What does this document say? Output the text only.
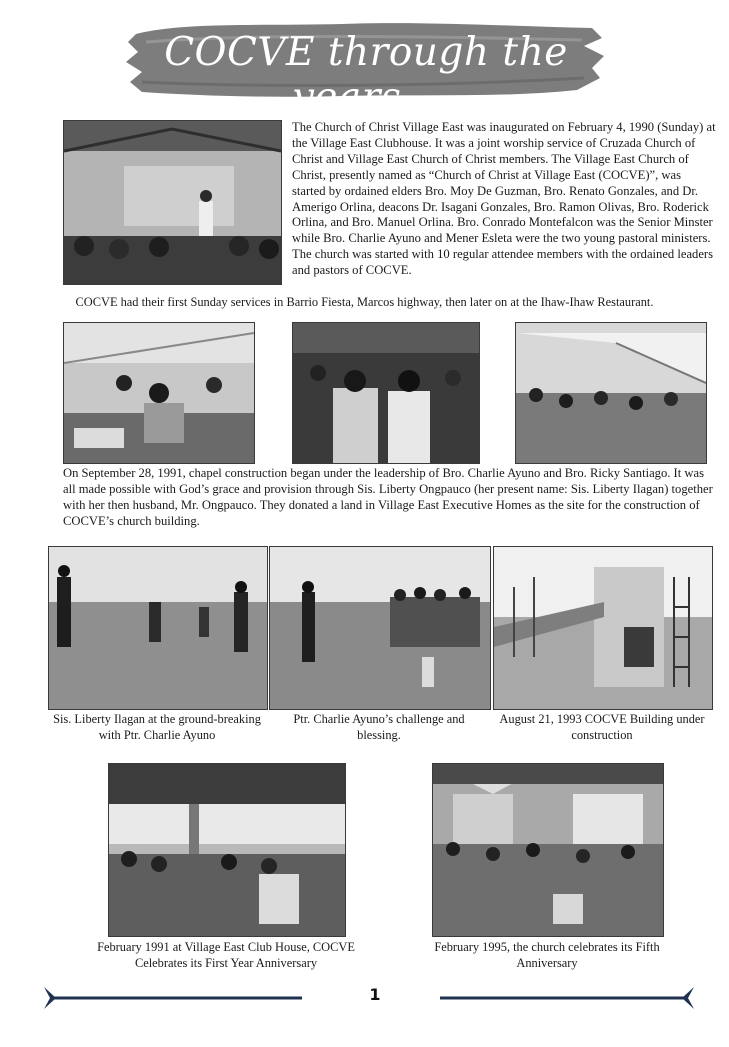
COCVE through the years...
The Church of Christ Village East was inaugurated on February 4, 1990 (Sunday) at the Village East Clubhouse. It was a joint worship service of Cruzada Church of Christ and Village East Church of Christ members. The Village East Church of Christ, presently named as “Church of Christ at Village East (COCVE)”, was started by ordained elders Bro. Moy De Guzman, Bro. Renato Gonzales, and Dr. Amerigo Orlina, deacons Dr. Isagani Gonzales, Bro. Ramon Olivas, Bro. Roderick Orlina, and Bro. Manuel Orlina. Bro. Conrado Montefalcon was the Senior Minster while Bro. Charlie Ayuno and Mener Esleta were the two young pastoral ministers. The church was started with 10 regular attendee members with the ordained leaders and pastors of COCVE.
COCVE had their first Sunday services in Barrio Fiesta, Marcos highway, then later on at the Ihaw-Ihaw Restaurant.
On September 28, 1991, chapel construction began under the leadership of Bro. Charlie Ayuno and Bro. Ricky Santiago. It was all made possible with God’s grace and provision through Sis. Liberty Ongpauco (her present name: Sis. Liberty Ilagan) together with her then husband, Mr. Ongpauco. They donated a land in Village East Executive Homes as the site for the construction of COCVE’s church building.
Sis. Liberty Ilagan at the ground-breaking with Ptr. Charlie Ayuno
Ptr. Charlie Ayuno’s challenge and blessing.
August 21, 1993 COCVE Building under construction
February 1991 at Village East Club House, COCVE Celebrates its First Year Anniversary
February 1995, the church celebrates its Fifth Anniversary
1
